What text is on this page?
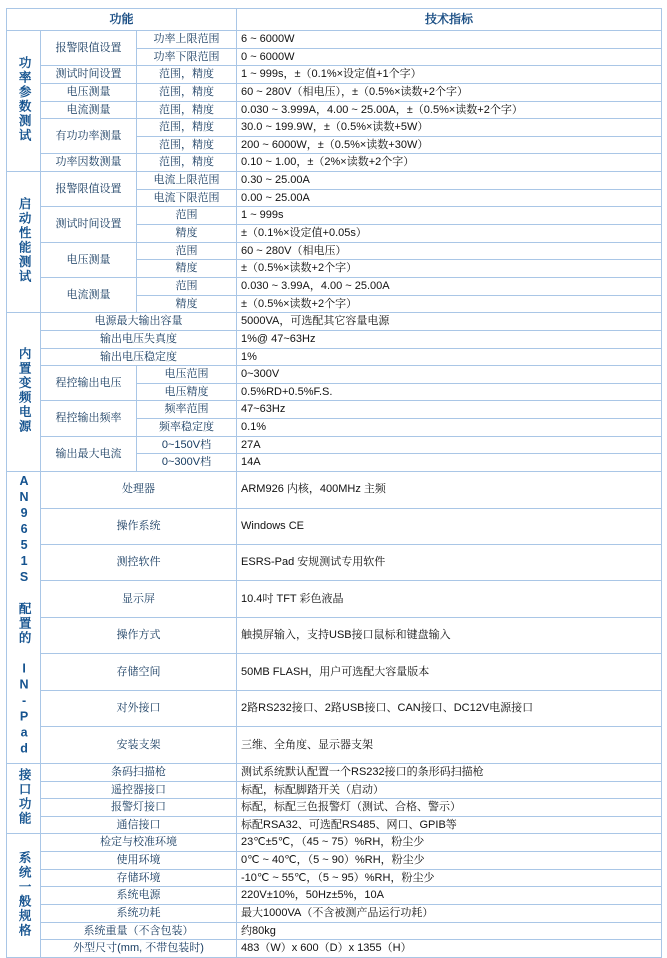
功能			技术指标
功率参数测试	报警限值设置	功率上限范围	6 ~ 6000W
		功率下限范围	0 ~ 6000W
	测试时间设置	范围，精度	1 ~ 999s，±（0.1%×设定值+1个字）
	电压测量	范围，精度	60 ~ 280V（相电压），±（0.5%×读数+2个字）
	电流测量	范围，精度	0.030 ~ 3.999A，4.00 ~ 25.00A，±（0.5%×读数+2个字）
	有功功率测量	范围，精度	30.0 ~ 199.9W，±（0.5%×读数+5W）
		范围，精度	200 ~ 6000W，±（0.5%×读数+30W）
	功率因数测量	范围，精度	0.10 ~ 1.00，±（2%×读数+2个字）
启动性能测试	报警限值设置	电流上限范围	0.30 ~ 25.00A
		电流下限范围	0.00 ~ 25.00A
	测试时间设置	范围	1 ~ 999s
		精度	±（0.1%×设定值+0.05s）
	电压测量	范围	60 ~ 280V（相电压）
		精度	±（0.5%×读数+2个字）
	电流测量	范围	0.030 ~ 3.99A，4.00 ~ 25.00A
		精度	±（0.5%×读数+2个字）
内置变频电源	电源最大输出容量		5000VA，可选配其它容量电源
	输出电压失真度		1%@ 47~63Hz
	输出电压稳定度		1%
	程控输出电压	电压范围	0~300V
		电压精度	0.5%RD+0.5%F.S.
	程控输出频率	频率范围	47~63Hz
		频率稳定度	0.1%
	输出最大电流	0~150V档	27A
		0~300V档	14A
AN9651S 配置的 IN-Pad	处理器		ARM926 内核，400MHz 主频
	操作系统		Windows CE
	测控软件		ESRS-Pad 安规测试专用软件
	显示屏		10.4吋 TFT 彩色液晶
	操作方式		触摸屏输入，支持USB接口鼠标和键盘输入
	存储空间		50MB FLASH，用户可选配大容量版本
	对外接口		2路RS232接口、2路USB接口、CAN接口、DC12V电源接口
	安装支架		三维、全角度、显示器支架
接口功能	条码扫描枪		测试系统默认配置一个RS232接口的条形码扫描枪
	遥控器接口		标配，标配脚踏开关（启动）
	报警灯接口		标配，标配三色报警灯（测试、合格、警示）
	通信接口		标配RSA32、可选配RS485、网口、GPIB等
系统一般规格	检定与校准环境		23℃±5℃，（45 ~ 75）%RH，粉尘少
	使用环境		0℃ ~ 40℃，（5 ~ 90）%RH，粉尘少
	存储环境		-10℃ ~ 55℃，（5 ~ 95）%RH，粉尘少
	系统电源		220V±10%，50Hz±5%，10A
	系统功耗		最大1000VA（不含被测产品运行功耗）
	系统重量（不含包装）		约80kg
	外型尺寸(mm, 不带包装时)		483（W）x 600（D）x 1355（H）
